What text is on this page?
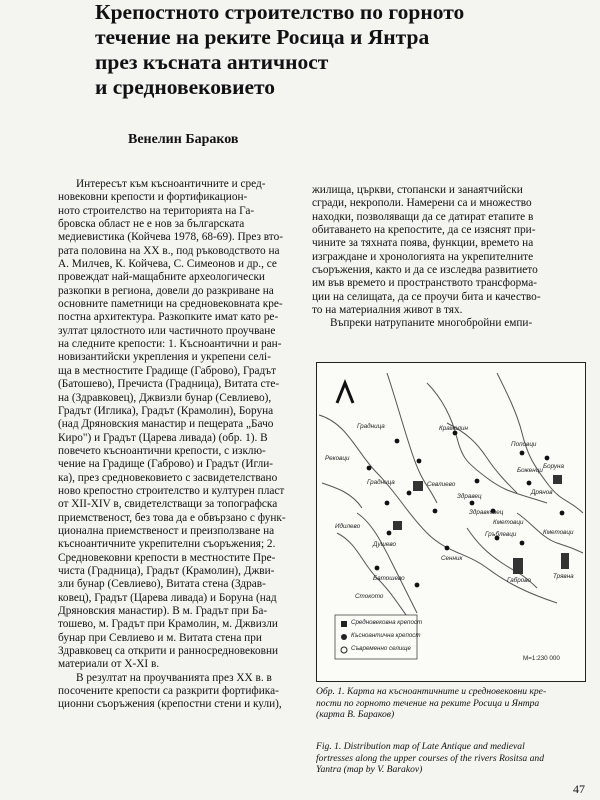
Крепостното строителство по горното
течение на реките Росица и Янтра
през късната античност
и средновековието
Венелин Бараков
Интересът към късноантичните и сред-
новековни крепости и фортификацион-
ното строителство на територията на Га-
бровска област не е нов за българската
медиевистика (Койчева 1978, 68-69). През вто-
рата половина на XX в., под ръководството на
А. Милчев, К. Койчева, С. Симеонов и др., се
провеждат най-мащабните археологически
разкопки в региона, довели до разкриване на
основните паметници на средновековната кре-
постна архитектура. Разкопките имат като ре-
зултат цялостното или частичното проучване
на следните крепости: 1. Късноантични и ран-
новизантийски укрепления и укрепени селі-
ща в местностите Градище (Габрово), Градът
(Батошево), Пречиста (Градница), Витата сте-
на (Здравковец), Джвизли бунар (Севлиево),
Градът (Иглика), Градът (Крамолин), Боруна
(над Дряновския манастир и пещерата „Бачо
Киро") и Градът (Царева ливада) (обр. 1). В
повечето късноантични крепости, с изклю-
чение на Градище (Габрово) и Градът (Игли-
ка), през средновековието с засвидетелствано
ново крепостно строителство и културен пласт
от XII-XIV в, свидетелстващи за топографска
приемственост, без това да е обвързано с функ-
ционална приемственост и преизползване на
късноантичните укрепителни съоръжения; 2.
Средновековни крепости в местностите Пре-
чиста (Градница), Градът (Крамолин), Джви-
зли бунар (Севлиево), Витата стена (Здрав-
ковец), Градът (Царева ливада) и Боруна (над
Дряновския манастир). В м. Градът при Ба-
тошево, м. Градът при Крамолин, м. Джвизли
бунар при Севлиево и м. Витата стена при
Здравковец са открити и ранносредновековни
материали от X-XI в.
В резултат на проучванията през XX в. в
посочените крепости са разкрити фортифика-
ционни съоръжения (крепостни стени и кули),
жилища, църкви, стопански и занаятчийски
сгради, некрополи. Намерени са и множество
находки, позволяващи да се датират етапите в
обитаването на крепостите, да се изяснят при-
чините за тяхната поява, функции, времето на
изграждане и хронологията на укрепителните
съоръжения, както и да се изследва развитието
им във времето и пространството трансформа-
ции на селищата, да се проучи бита и качество-
то на материалния живот в тях.
Въпреки натрупаните многобройни емпи-
Градница	Крамолин
Рековци
Севлиево
Градница
Душево
Идилево
Батошево
Стокото
Сенник
Здравковец
Кметовци
Гръблевци
Габрово
Трявна
Поповци
Дрянов
Боруна
Боженци
Здравец
Кметовци
M=1:230 000
Средновековна крепост
Късноантична крепост
Съвременно селище
Обр. 1. Карта на късноантичните и средновековни кре-
пости по горното течение на реките Росица и Янтра
(карта В. Бараков)
Fig. 1. Distribution map of Late Antique and medieval
fortresses along the upper courses of the rivers Rositsa and
Yantra (map by V. Barakov)
47
